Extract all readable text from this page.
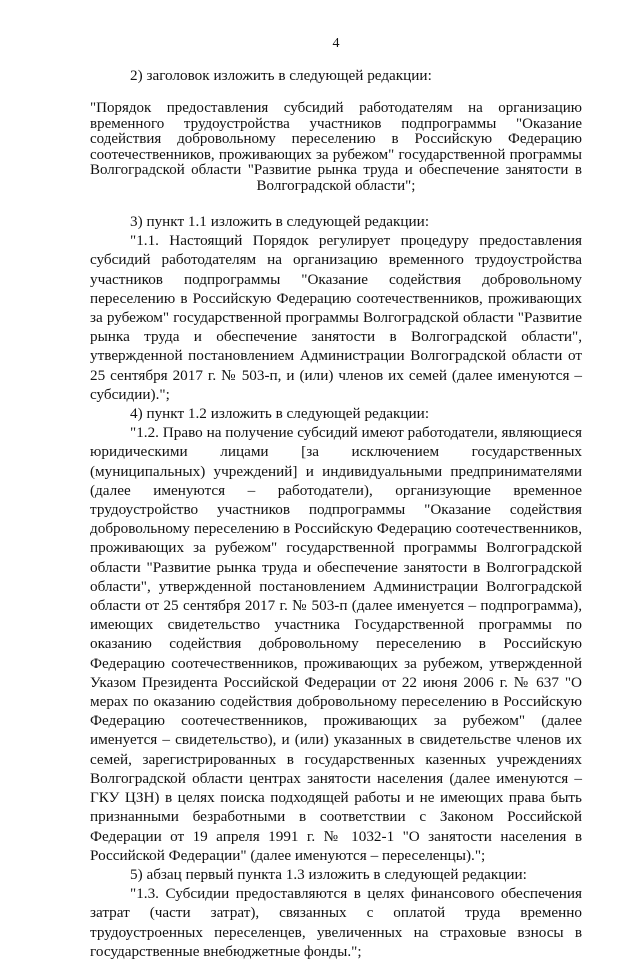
4

2) заголовок изложить в следующей редакции:

"Порядок предоставления субсидий работодателям на организацию временного трудоустройства участников подпрограммы "Оказание содействия добровольному переселению в Российскую Федерацию соотечественников, проживающих за рубежом" государственной программы Волгоградской области "Развитие рынка труда и обеспечение занятости в Волгоградской области";

3) пункт 1.1 изложить в следующей редакции:

"1.1. Настоящий Порядок регулирует процедуру предоставления субсидий работодателям на организацию временного трудоустройства участников подпрограммы "Оказание содействия добровольному переселению в Российскую Федерацию соотечественников, проживающих за рубежом" государственной программы Волгоградской области "Развитие рынка труда и обеспечение занятости в Волгоградской области", утвержденной постановлением Администрации Волгоградской области от 25 сентября 2017 г. № 503-п, и (или) членов их семей (далее именуются – субсидии).";

4) пункт 1.2 изложить в следующей редакции:

"1.2. Право на получение субсидий имеют работодатели, являющиеся юридическими лицами [за исключением государственных (муниципальных) учреждений] и индивидуальными предпринимателями (далее именуются – работодатели), организующие временное трудоустройство участников подпрограммы "Оказание содействия добровольному переселению в Российскую Федерацию соотечественников, проживающих за рубежом" государственной программы Волгоградской области "Развитие рынка труда и обеспечение занятости в Волгоградской области", утвержденной постановлением Администрации Волгоградской области от 25 сентября 2017 г. № 503-п (далее именуется – подпрограмма), имеющих свидетельство участника Государственной программы по оказанию содействия добровольному переселению в Российскую Федерацию соотечественников, проживающих за рубежом, утвержденной Указом Президента Российской Федерации от 22 июня 2006 г. № 637 "О мерах по оказанию содействия добровольному переселению в Российскую Федерацию соотечественников, проживающих за рубежом" (далее именуется – свидетельство), и (или) указанных в свидетельстве членов их семей, зарегистрированных в государственных казенных учреждениях Волгоградской области центрах занятости населения (далее именуются – ГКУ ЦЗН) в целях поиска подходящей работы и не имеющих права быть признанными безработными в соответствии с Законом Российской Федерации от 19 апреля 1991 г. № 1032-1 "О занятости населения в Российской Федерации" (далее именуются – переселенцы).";

5) абзац первый пункта 1.3 изложить в следующей редакции:

"1.3. Субсидии предоставляются в целях финансового обеспечения затрат (части затрат), связанных с оплатой труда временно трудоустроенных переселенцев, увеличенных на страховые взносы в государственные внебюджетные фонды.";
